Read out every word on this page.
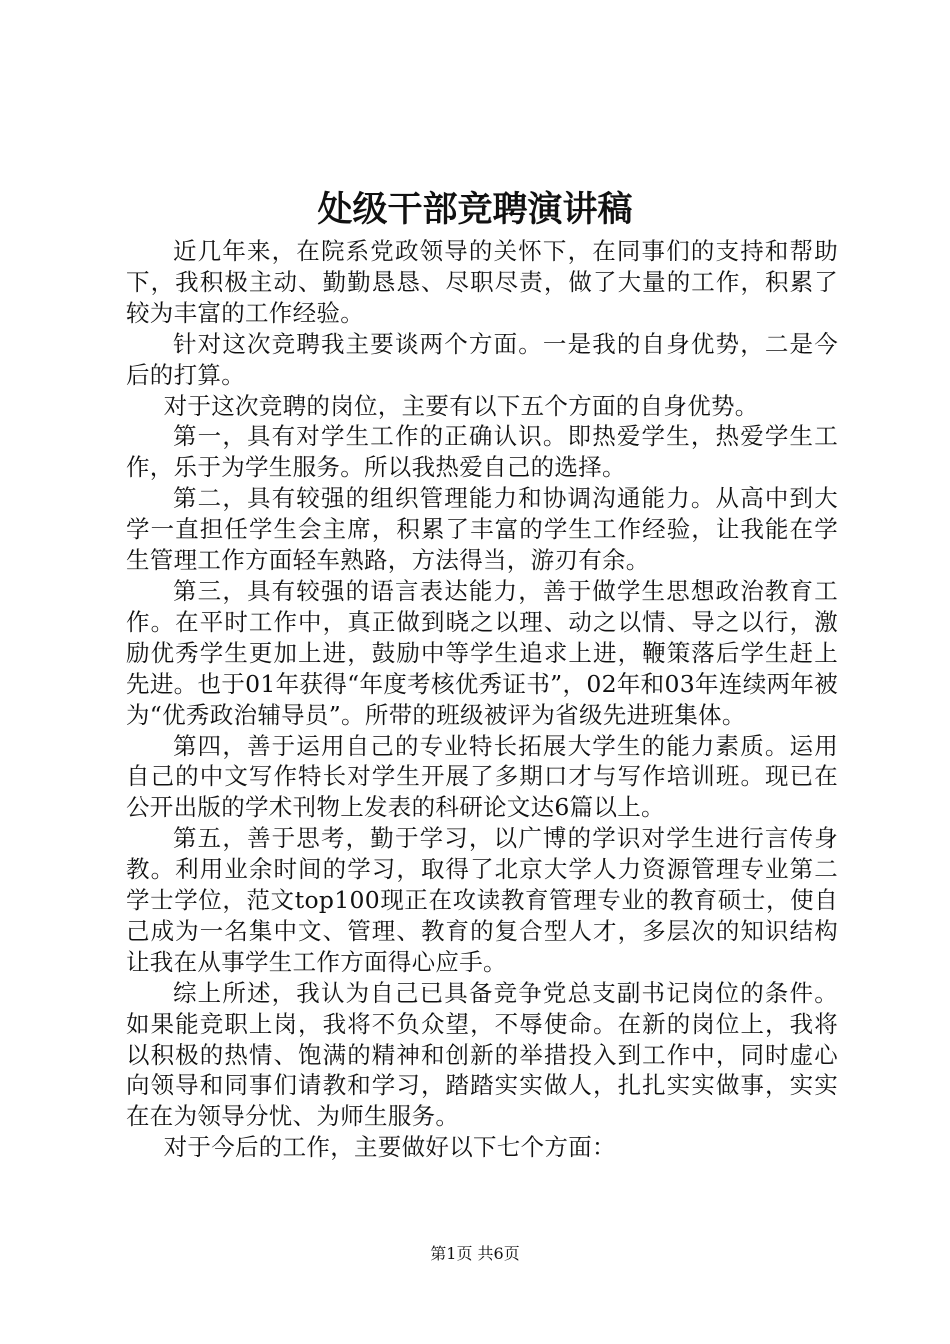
处级干部竞聘演讲稿

近几年来，在院系党政领导的关怀下，在同事们的支持和帮助下，我积极主动、勤勤恳恳、尽职尽责，做了大量的工作，积累了较为丰富的工作经验。

针对这次竞聘我主要谈两个方面。一是我的自身优势，二是今后的打算。

对于这次竞聘的岗位，主要有以下五个方面的自身优势。

第一，具有对学生工作的正确认识。即热爱学生，热爱学生工作，乐于为学生服务。所以我热爱自己的选择。

第二，具有较强的组织管理能力和协调沟通能力。从高中到大学一直担任学生会主席，积累了丰富的学生工作经验，让我能在学生管理工作方面轻车熟路，方法得当，游刃有余。

第三，具有较强的语言表达能力，善于做学生思想政治教育工作。在平时工作中，真正做到晓之以理、动之以情、导之以行，激励优秀学生更加上进，鼓励中等学生追求上进，鞭策落后学生赶上先进。也于01年获得“年度考核优秀证书”，02年和03年连续两年被为“优秀政治辅导员”。所带的班级被评为省级先进班集体。

第四，善于运用自己的专业特长拓展大学生的能力素质。运用自己的中文写作特长对学生开展了多期口才与写作培训班。现已在公开出版的学术刊物上发表的科研论文达6篇以上。

第五，善于思考，勤于学习，以广博的学识对学生进行言传身教。利用业余时间的学习，取得了北京大学人力资源管理专业第二学士学位，范文top100现正在攻读教育管理专业的教育硕士，使自己成为一名集中文、管理、教育的复合型人才，多层次的知识结构让我在从事学生工作方面得心应手。

综上所述，我认为自己已具备竞争党总支副书记岗位的条件。如果能竞职上岗，我将不负众望，不辱使命。在新的岗位上，我将以积极的热情、饱满的精神和创新的举措投入到工作中，同时虚心向领导和同事们请教和学习，踏踏实实做人，扎扎实实做事，实实在在为领导分忧、为师生服务。

对于今后的工作，主要做好以下七个方面：

第1页 共6页
